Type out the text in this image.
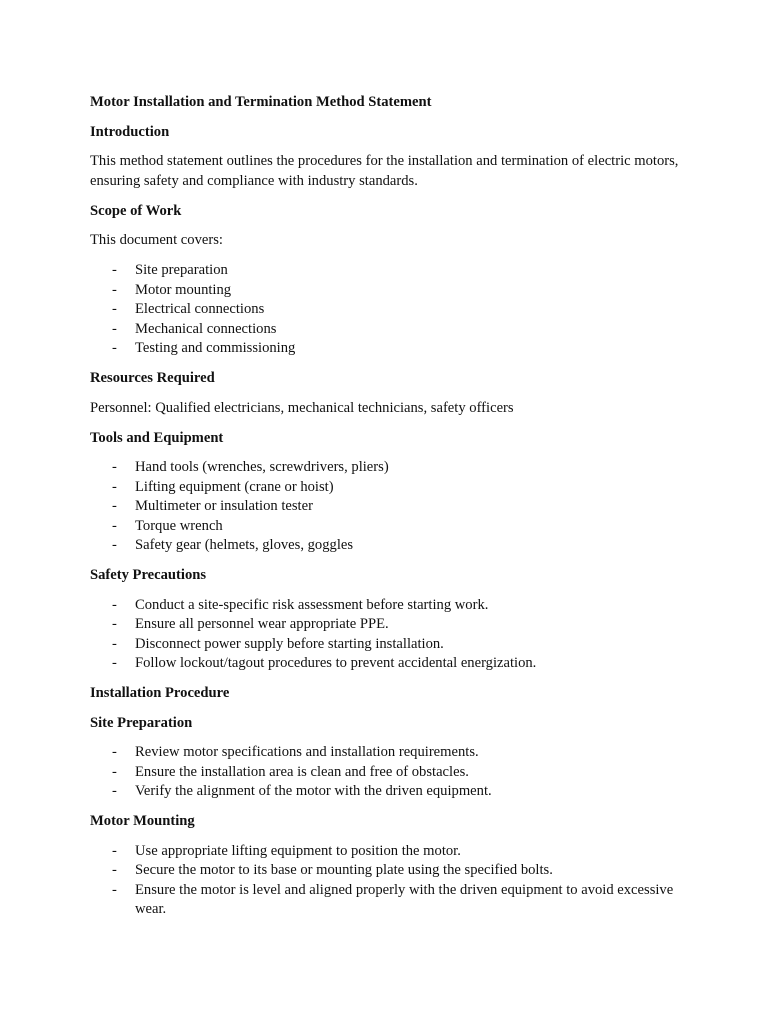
Motor Installation and Termination Method Statement
Introduction
This method statement outlines the procedures for the installation and termination of electric motors, ensuring safety and compliance with industry standards.
Scope of Work
This document covers:
- Site preparation
- Motor mounting
- Electrical connections
- Mechanical connections
- Testing and commissioning
Resources Required
Personnel: Qualified electricians, mechanical technicians, safety officers
Tools and Equipment
- Hand tools (wrenches, screwdrivers, pliers)
- Lifting equipment (crane or hoist)
- Multimeter or insulation tester
- Torque wrench
- Safety gear (helmets, gloves, goggles
Safety Precautions
- Conduct a site-specific risk assessment before starting work.
- Ensure all personnel wear appropriate PPE.
- Disconnect power supply before starting installation.
- Follow lockout/tagout procedures to prevent accidental energization.
Installation Procedure
Site Preparation
- Review motor specifications and installation requirements.
- Ensure the installation area is clean and free of obstacles.
- Verify the alignment of the motor with the driven equipment.
Motor Mounting
- Use appropriate lifting equipment to position the motor.
- Secure the motor to its base or mounting plate using the specified bolts.
- Ensure the motor is level and aligned properly with the driven equipment to avoid excessive wear.
